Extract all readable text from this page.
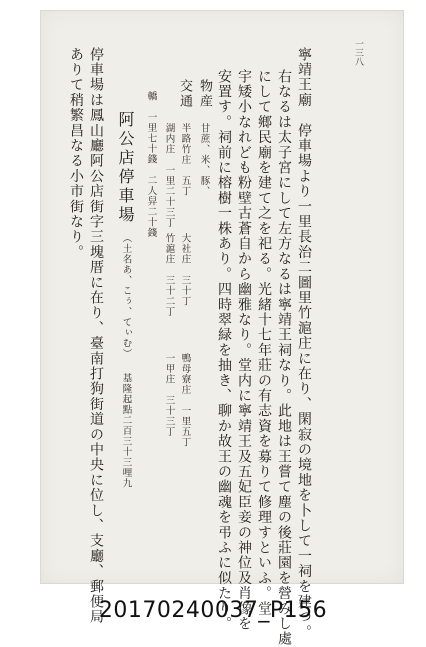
一三八
寧靖王廟　停車場より一里長治二圖里竹滬庄に在り、閑寂の境地を卜して一祠を建つ。
右なるは太子宮にして左方なるは寧靖王祠なり。此地は王嘗て塵の後莊園を營みし處
にして鄉民廟を建て之を祀る。光緒十七年莊の有志資を募りて修理すといふ。堂
宇矮小なれども粉壁古蒼自から幽雅なり。堂内に寧靖王及五妃臣妾の神位及肖像を
安置す。祠前に榕樹一株あり。四時翠緑を抽き、聊か故王の幽魂を弔ふに似たり。
物産
甘蔗、米、豚、
交通
半路竹庄　五丁
湖内庄　一里二十三丁
大社庄　三十丁
竹滬庄　三十二丁
鴨母寮庄　一里五丁
一甲庄　三十三丁
轎　一里七十錢　二人舁二十錢
阿公店停車場
（土名あ、こぅ、てぃむ）
基隆起點二百三十三哩九
停車場は鳳山廳阿公店街字三塊厝に在り、臺南打狗街道の中央に位し、支廳、郵便局
ありて稍繁昌なる小市街なり。
20170240037_P156
